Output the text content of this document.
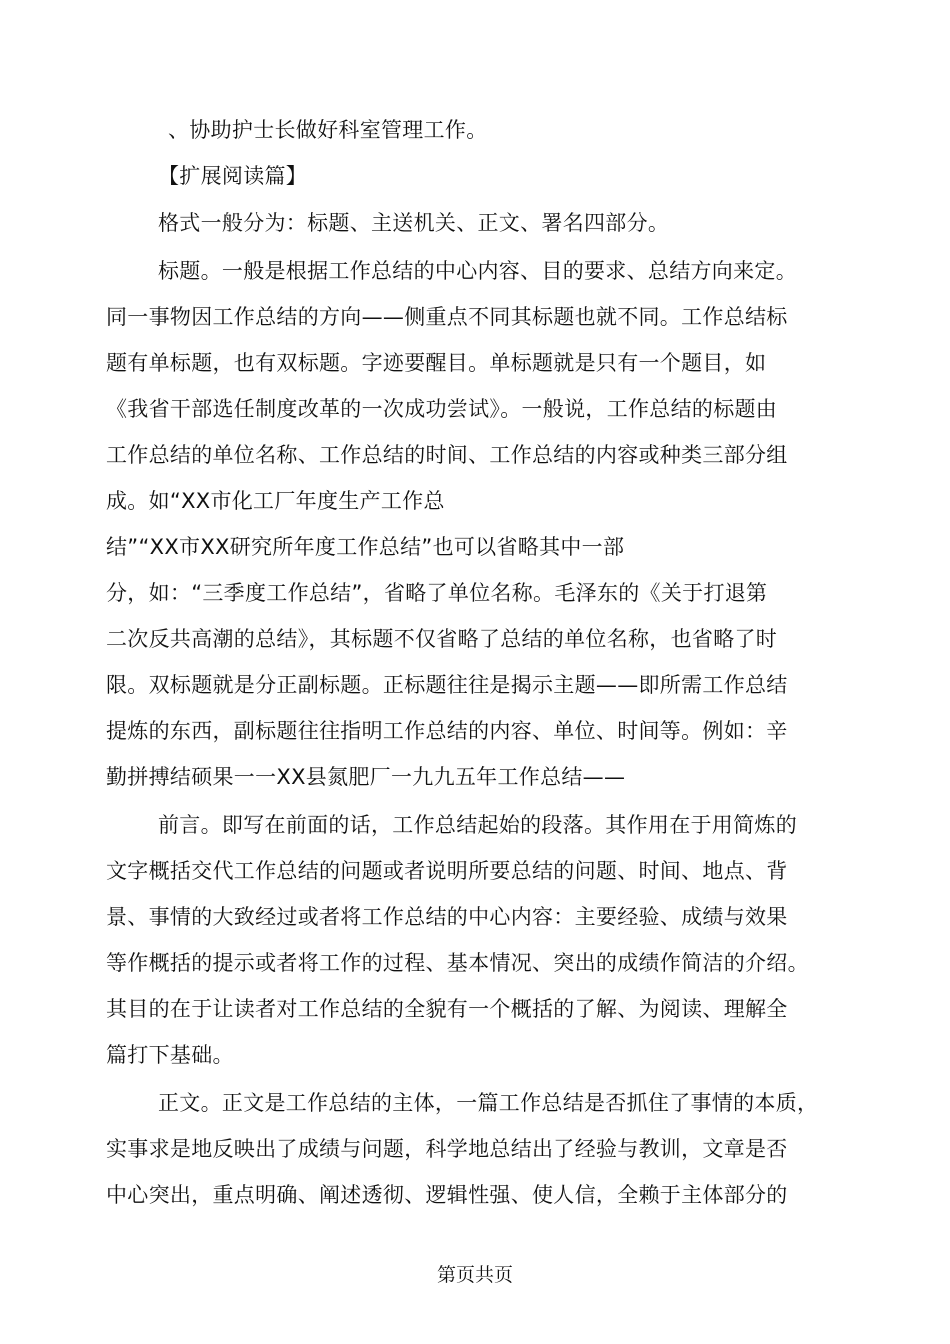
、协助护士长做好科室管理工作。
【扩展阅读篇】
格式一般分为：标题、主送机关、正文、署名四部分。
标题。一般是根据工作总结的中心内容、目的要求、总结方向来定。
同一事物因工作总结的方向——侧重点不同其标题也就不同。工作总结标
题有单标题，也有双标题。字迹要醒目。单标题就是只有一个题目，如
《我省干部选任制度改革的一次成功尝试》。一般说，工作总结的标题由
工作总结的单位名称、工作总结的时间、工作总结的内容或种类三部分组
成。如“XX市化工厂年度生产工作总
结”“XX市XX研究所年度工作总结”也可以省略其中一部
分，如：“三季度工作总结”，省略了单位名称。毛泽东的《关于打退第
二次反共高潮的总结》，其标题不仅省略了总结的单位名称，也省略了时
限。双标题就是分正副标题。正标题往往是揭示主题——即所需工作总结
提炼的东西，副标题往往指明工作总结的内容、单位、时间等。例如：辛
勤拼搏结硕果一一XX县氮肥厂一九九五年工作总结——
前言。即写在前面的话，工作总结起始的段落。其作用在于用简炼的
文字概括交代工作总结的问题或者说明所要总结的问题、时间、地点、背
景、事情的大致经过或者将工作总结的中心内容：主要经验、成绩与效果
等作概括的提示或者将工作的过程、基本情况、突出的成绩作简洁的介绍。
其目的在于让读者对工作总结的全貌有一个概括的了解、为阅读、理解全
篇打下基础。
正文。正文是工作总结的主体，一篇工作总结是否抓住了事情的本质，
实事求是地反映出了成绩与问题，科学地总结出了经验与教训，文章是否
中心突出，重点明确、阐述透彻、逻辑性强、使人信，全赖于主体部分的
第页共页
